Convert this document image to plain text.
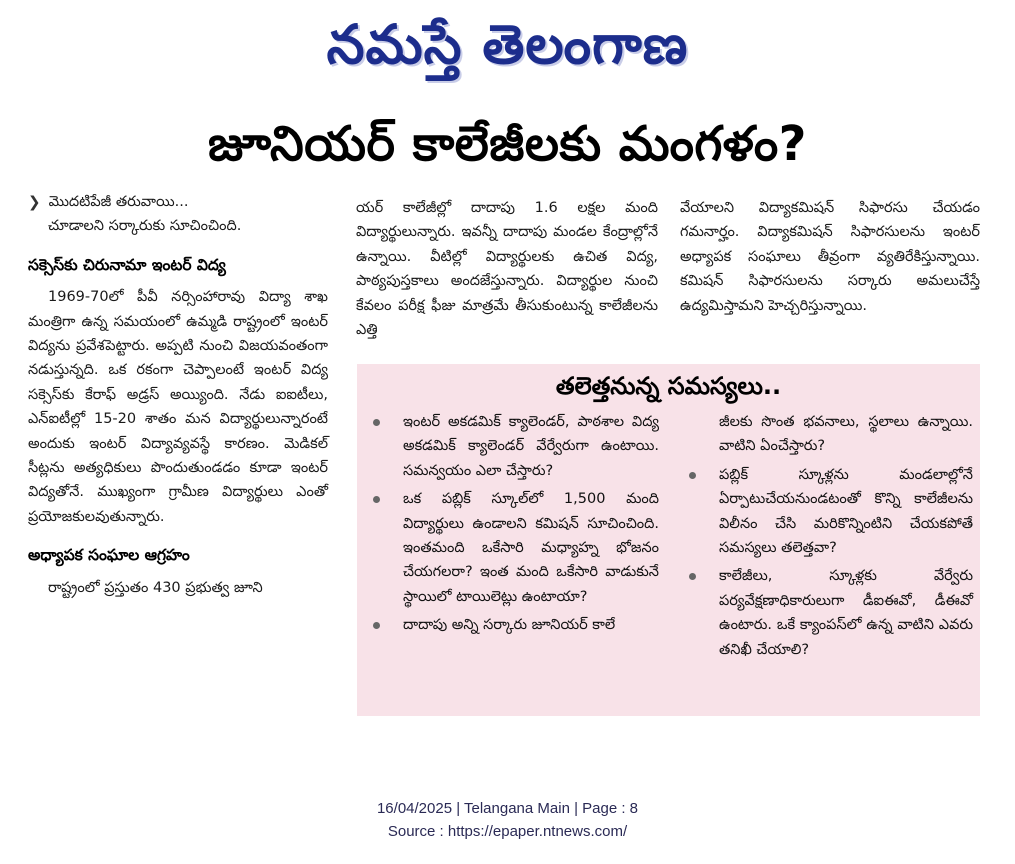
నమస్తే తెలంగాణ
జూనియర్ కాలేజీలకు మంగళం?
❯ మొదటిపేజీ తరువాయి...

చూడాలని సర్కారుకు సూచించింది.

సక్సెస్‌కు చిరునామా ఇంటర్ విద్య

1969-70లో పీవీ నర్సింహారావు విద్యా శాఖ మంత్రిగా ఉన్న సమయంలో ఉమ్మడి రాష్ట్రంలో ఇంటర్ విద్యను ప్రవేశపెట్టారు. అప్పటి నుంచి విజయవంతంగా నడుస్తున్నది. ఒక రకంగా చెప్పాలంటే ఇంటర్ విద్య సక్సెస్‌కు కేరాఫ్ అడ్రస్ అయ్యింది. నేడు ఐఐటీలు, ఎన్ఐటీల్లో 15-20 శాతం మన విద్యార్థులున్నారంటే అందుకు ఇంటర్ విద్యావ్యవస్థే కారణం. మెడికల్ సీట్లను అత్యధికులు పొందుతుండడం కూడా ఇంటర్ విద్యతోనే. ముఖ్యంగా గ్రామీణ విద్యార్థులు ఎంతో ప్రయోజకులవుతున్నారు.

అధ్యాపక సంఘాల ఆగ్రహం

రాష్ట్రంలో ప్రస్తుతం 430 ప్రభుత్వ జూని

యర్ కాలేజీల్లో దాదాపు 1.6 లక్షల మంది విద్యార్థులున్నారు. ఇవన్నీ దాదాపు మండల కేంద్రాల్లోనే ఉన్నాయి. వీటిల్లో విద్యార్థులకు ఉచిత విద్య, పాఠ్యపుస్తకాలు అందజేస్తున్నారు. విద్యార్థుల నుంచి కేవలం పరీక్ష ఫీజు మాత్రమే తీసుకుంటున్న కాలేజీలను ఎత్తి

వేయాలని విద్యాకమిషన్ సిఫారసు చేయడం గమనార్హం. విద్యాకమిషన్ సిఫారసులను ఇంటర్ అధ్యాపక సంఘాలు తీవ్రంగా వ్యతిరేకిస్తున్నాయి. కమిషన్ సిఫారసులను సర్కారు అమలుచేస్తే ఉద్యమిస్తామని హెచ్చరిస్తున్నాయి.

తలెత్తనున్న సమస్యలు..
ఇంటర్ అకడమిక్ క్యాలెండర్, పాఠశాల విద్య అకడమిక్ క్యాలెండర్ వేర్వేరుగా ఉంటాయి. సమన్వయం ఎలా చేస్తారు?
ఒక పబ్లిక్ స్కూల్‌లో 1,500 మంది విద్యార్థులు ఉండాలని కమిషన్ సూచించింది. ఇంతమంది ఒకేసారి మధ్యాహ్న భోజనం చేయగలరా? ఇంత మంది ఒకేసారి వాడుకునే స్థాయిలో టాయిలెట్లు ఉంటాయా?
దాదాపు అన్ని సర్కారు జూనియర్ కాలే
జీలకు సొంత భవనాలు, స్థలాలు ఉన్నాయి. వాటిని ఏంచేస్తారు?
పబ్లిక్ స్కూళ్లను మండలాల్లోనే ఏర్పాటుచేయనుండటంతో కొన్ని కాలేజీలను విలీనం చేసి మరికొన్నింటిని చేయకపోతే సమస్యలు తలెత్తవా?
కాలేజీలు, స్కూళ్లకు వేర్వేరు పర్యవేక్షణాధికారులుగా డీఐఈవో, డీఈవో ఉంటారు. ఒకే క్యాంపస్‌లో ఉన్న వాటిని ఎవరు తనిఖీ చేయాలి?
16/04/2025 | Telangana Main | Page : 8
Source : https://epaper.ntnews.com/
